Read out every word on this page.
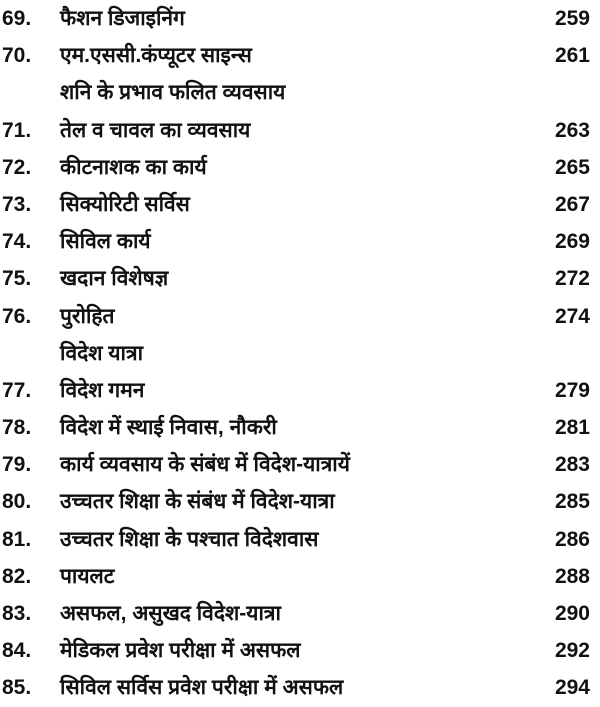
69.	फैशन डिजाइनिंग	259
70.	एम.एससी.कंप्यूटर साइन्स	261
शनि के प्रभाव फलित व्यवसाय
71.	तेल व चावल का व्यवसाय	263
72.	कीटनाशक का कार्य	265
73.	सिक्योरिटी सर्विस	267
74.	सिविल कार्य	269
75.	खदान विशेषज्ञ	272
76.	पुरोहित	274
विदेश यात्रा
77.	विदेश गमन	279
78.	विदेश में स्थाई निवास, नौकरी	281
79.	कार्य व्यवसाय के संबंध में विदेश-यात्रायें	283
80.	उच्चतर शिक्षा के संबंध में विदेश-यात्रा	285
81.	उच्चतर शिक्षा के पश्चात विदेशवास	286
82.	पायलट	288
83.	असफल, असुखद विदेश-यात्रा	290
84.	मेडिकल प्रवेश परीक्षा में असफल	292
85.	सिविल सर्विस प्रवेश परीक्षा में असफल	294
